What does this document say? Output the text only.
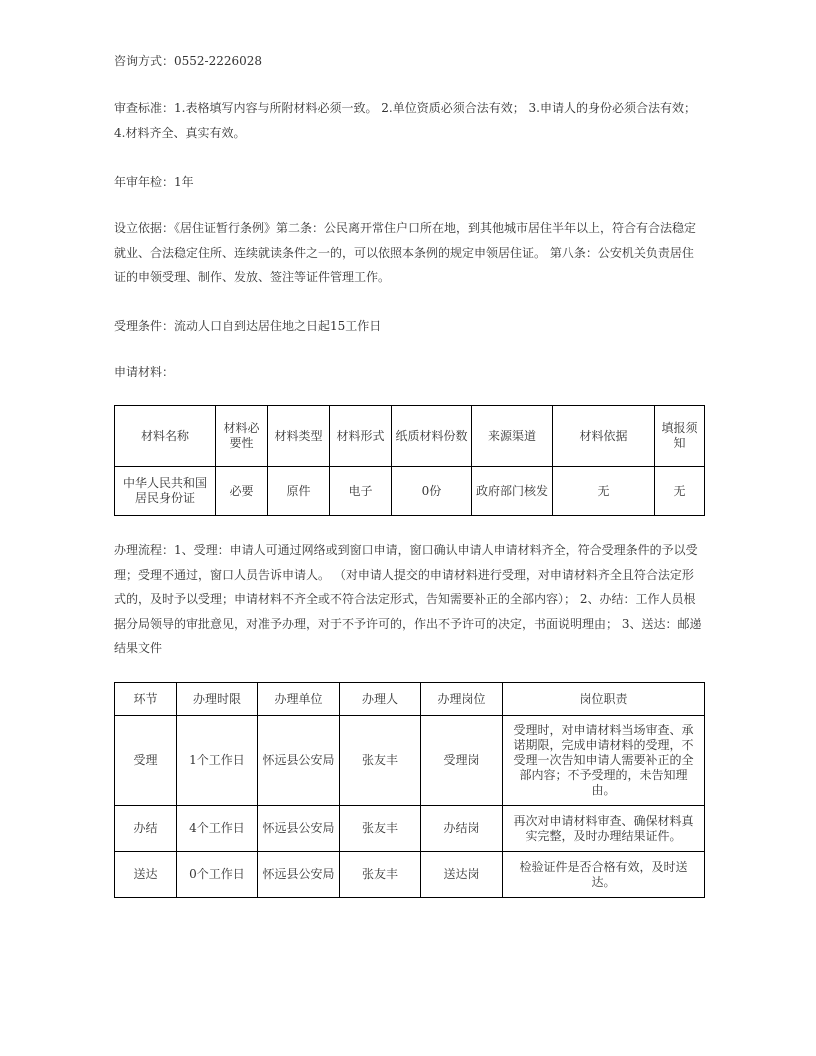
咨询方式：0552-2226028

审查标准：1.表格填写内容与所附材料必须一致。 2.单位资质必须合法有效； 3.申请人的身份必须合法有效； 4.材料齐全、真实有效。

年审年检：1年

设立依据：《居住证暂行条例》第二条：公民离开常住户口所在地，到其他城市居住半年以上，符合有合法稳定就业、合法稳定住所、连续就读条件之一的，可以依照本条例的规定申领居住证。 第八条：公安机关负责居住证的申领受理、制作、发放、签注等证件管理工作。

受理条件：流动人口自到达居住地之日起15工作日

申请材料：

材料名称	材料必要性	材料类型	材料形式	纸质材料份数	来源渠道	材料依据	填报须知
中华人民共和国居民身份证	必要	原件	电子	0份	政府部门核发	无	无

办理流程：1、受理：申请人可通过网络或到窗口申请，窗口确认申请人申请材料齐全，符合受理条件的予以受理；受理不通过，窗口人员告诉申请人。 （对申请人提交的申请材料进行受理，对申请材料齐全且符合法定形式的，及时予以受理；申请材料不齐全或不符合法定形式，告知需要补正的全部内容）； 2、办结：工作人员根据分局领导的审批意见，对准予办理，对于不予许可的，作出不予许可的决定，书面说明理由； 3、送达：邮递结果文件

环节	办理时限	办理单位	办理人	办理岗位	岗位职责
受理	1个工作日	怀远县公安局	张友丰	受理岗	受理时，对申请材料当场审查、承诺期限，完成申请材料的受理，不受理一次告知申请人需要补正的全部内容；不予受理的，未告知理由。
办结	4个工作日	怀远县公安局	张友丰	办结岗	再次对申请材料审查、确保材料真实完整，及时办理结果证件。
送达	0个工作日	怀远县公安局	张友丰	送达岗	检验证件是否合格有效，及时送达。
